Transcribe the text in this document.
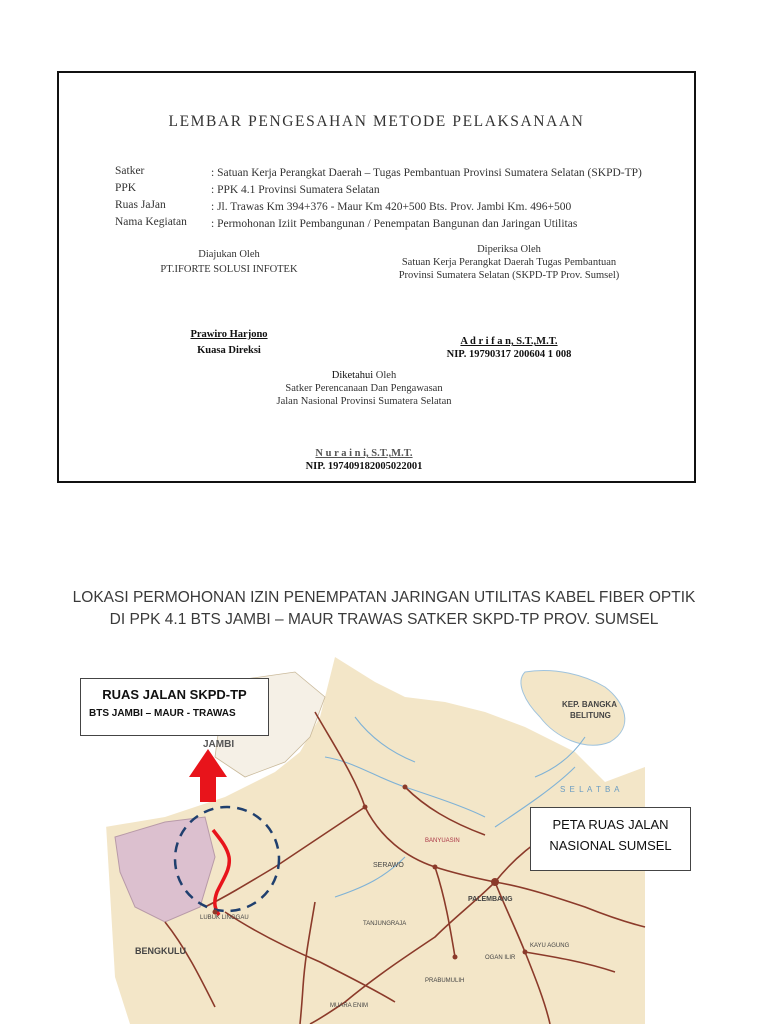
LEMBAR PENGESAHAN METODE PELAKSANAAN
Satker	: Satuan Kerja Perangkat Daerah – Tugas Pembantuan Provinsi Sumatera Selatan (SKPD-TP)
PPK	: PPK 4.1 Provinsi Sumatera Selatan
Ruas JaJan	: Jl. Trawas Km 394+376 - Maur Km 420+500 Bts. Prov. Jambi Km. 496+500
Nama Kegiatan : Permohonan Iziit Pembangunan / Penempatan Bangunan dan Jaringan Utilitas
Diajukan Oleh
PT.IFORTE SOLUSI INFOTEK
Prawiro Harjono
Kuasa Direksi
Diperiksa Oleh
Satuan Kerja Perangkat Daerah Tugas Pembantuan
Provinsi Sumatera Selatan (SKPD-TP Prov. Sumsel)
A d r i f a n, S.T.,M.T.
NIP. 19790317 200604 1 008
Diketahui Oleh
Satker Perencanaan Dan Pengawasan
Jalan Nasional Provinsi Sumatera Selatan
N u r a i n i, S.T.,M.T.
NIP. 197409182005022001
LOKASI PERMOHONAN IZIN PENEMPATAN JARINGAN UTILITAS KABEL FIBER OPTIK
DI PPK 4.1 BTS JAMBI – MAUR TRAWAS SATKER SKPD-TP PROV. SUMSEL
JAMBI
KEP. BANGKA
BELITUNG
S E L A T B A
BENGKULU
PALEMBANG
BANYUASIN
SERAWO
TANJUNGRAJA
LUBUK LINGGAU
PRABUMULIH
OGAN ILIR
KAYU AGUNG
MUARA ENIM
RUAS JALAN SKPD-TP
BTS JAMBI – MAUR - TRAWAS
PETA RUAS JALAN
NASIONAL SUMSEL
